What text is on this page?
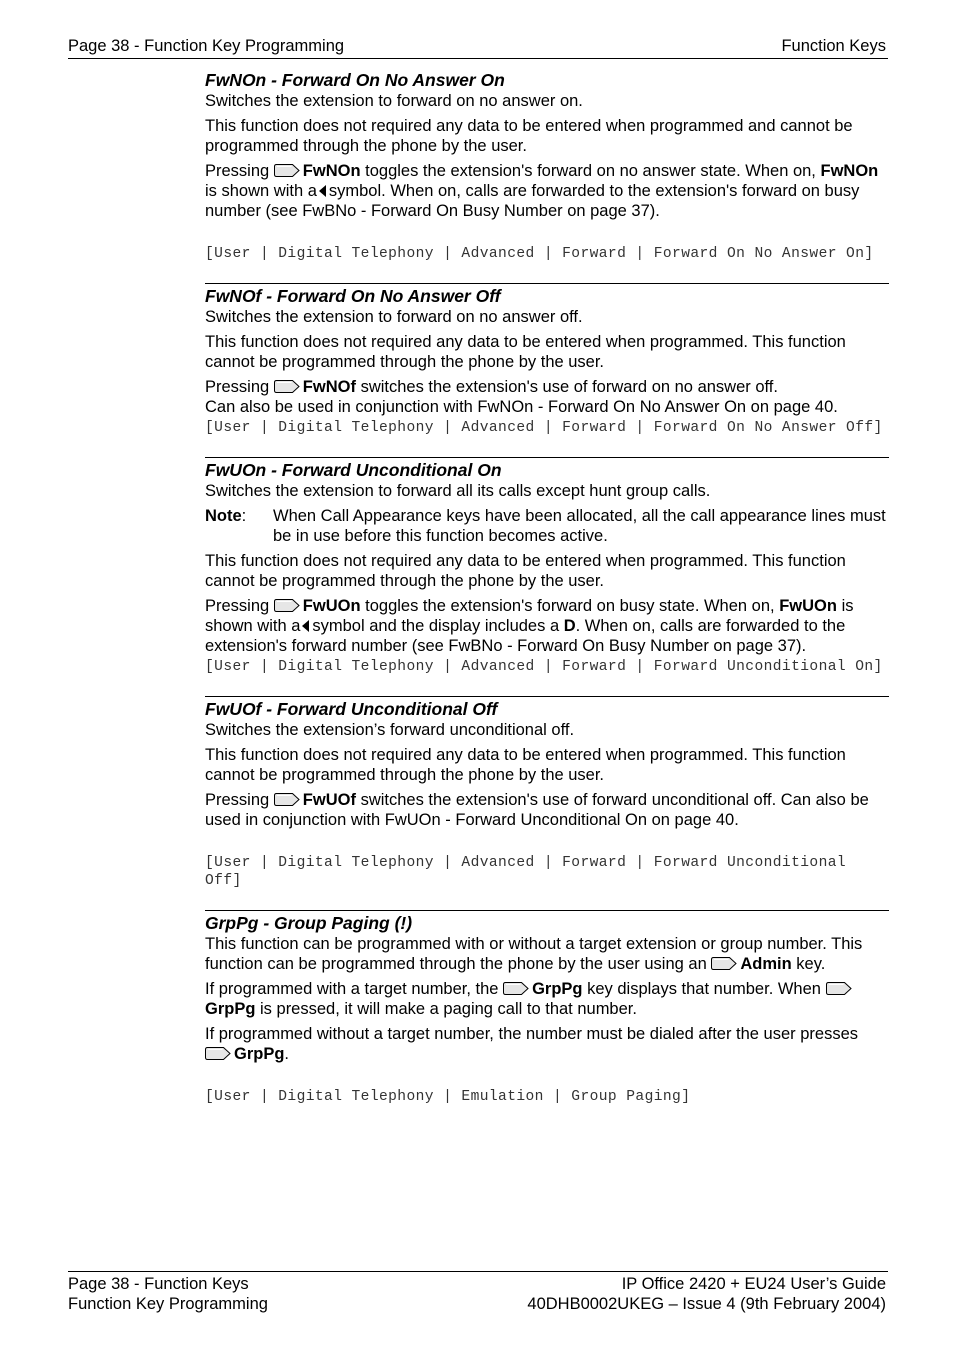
Page 38 - Function Key Programming	Function Keys
FwNOn - Forward On No Answer On

Switches the extension to forward on no answer on.

This function does not required any data to be entered when programmed and cannot be programmed through the phone by the user.

Pressing FwNOn toggles the extension's forward on no answer state. When on, FwNOn is shown with a symbol. When on, calls are forwarded to the extension's forward on busy number (see FwBNo - Forward On Busy Number on page 37).

[User | Digital Telephony | Advanced | Forward | Forward On No Answer On]
FwNOf - Forward On No Answer Off

Switches the extension to forward on no answer off.

This function does not required any data to be entered when programmed. This function cannot be programmed through the phone by the user.

Pressing FwNOf switches the extension's use of forward on no answer off.
Can also be used in conjunction with FwNOn - Forward On No Answer On on page 40.

[User | Digital Telephony | Advanced | Forward | Forward On No Answer Off]
FwUOn - Forward Unconditional On

Switches the extension to forward all its calls except hunt group calls.

Note:	When Call Appearance keys have been allocated, all the call appearance lines must be in use before this function becomes active.

This function does not required any data to be entered when programmed. This function cannot be programmed through the phone by the user.

Pressing FwUOn toggles the extension's forward on busy state. When on, FwUOn is shown with a symbol and the display includes a D. When on, calls are forwarded to the extension's forward number (see FwBNo - Forward On Busy Number on page 37).

[User | Digital Telephony | Advanced | Forward | Forward Unconditional On]
FwUOf - Forward Unconditional Off

Switches the extension’s forward unconditional off.

This function does not required any data to be entered when programmed. This function cannot be programmed through the phone by the user.

Pressing FwUOf switches the extension's use of forward unconditional off. Can also be used in conjunction with FwUOn - Forward Unconditional On on page 40.

[User | Digital Telephony | Advanced | Forward | Forward Unconditional Off]
GrpPg - Group Paging (!)

This function can be programmed with or without a target extension or group number. This function can be programmed through the phone by the user using an Admin key.

If programmed with a target number, the GrpPg key displays that number. When GrpPg is pressed, it will make a paging call to that number.

If programmed without a target number, the number must be dialed after the user presses GrpPg.

[User | Digital Telephony | Emulation | Group Paging]
Page 38 - Function Keys
Function Key Programming
IP Office 2420 + EU24 User’s Guide
40DHB0002UKEG – Issue 4 (9th February 2004)
